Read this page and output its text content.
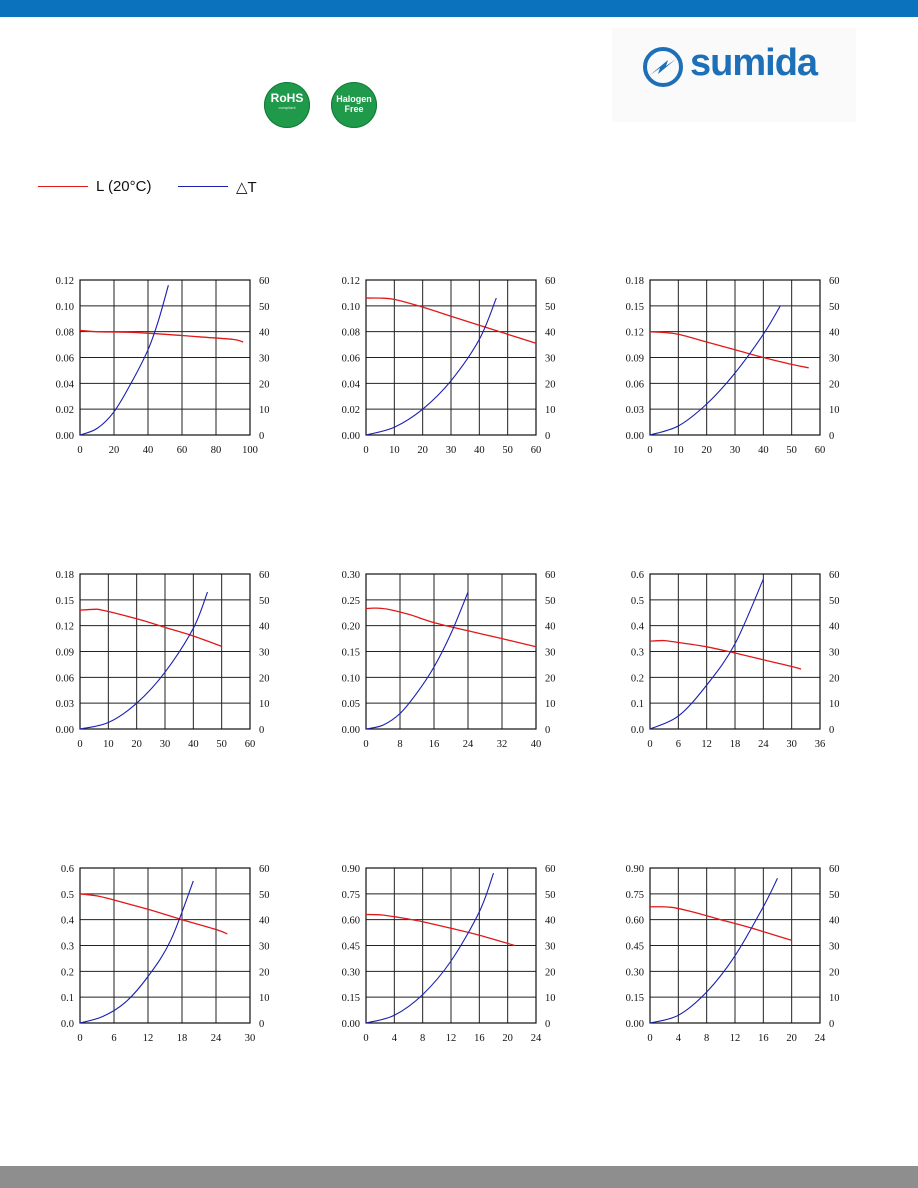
sumida
RoHS
compliant
Halogen
Free
L (20°C)	△T
0.00
0.02
0.04
0.06
0.08
0.10
0.12
0
10
20
30
40
50
60
0 20 40 60 80 100
0.00
0.02
0.04
0.06
0.08
0.10
0.12
0
10
20
30
40
50
60
0 10 20 30 40 50 60
0.00
0.03
0.06
0.09
0.12
0.15
0.18
0
10
20
30
40
50
60
0 10 20 30 40 50 60
0.00
0.03
0.06
0.09
0.12
0.15
0.18
0
10
20
30
40
50
60
0 10 20 30 40 50 60
0.00
0.05
0.10
0.15
0.20
0.25
0.30
0
10
20
30
40
50
60
0	8 16 24 32 40
0.0
0.1
0.2
0.3
0.4
0.5
0.6
0
10
20
30
40
50
60
0 6 12 18 24 30 36
0.0
0.1
0.2
0.3
0.4
0.5
0.6
0
10
20
30
40
50
60
0	6 12 18 24 30
0.00
0.15
0.30
0.45
0.60
0.75
0.90
0
10
20
30
40
50
60
0 4 8 12 16 20 24
0.00
0.15
0.30
0.45
0.60
0.75
0.90
0
10
20
30
40
50
60
0 4 8 12 16 20 24
